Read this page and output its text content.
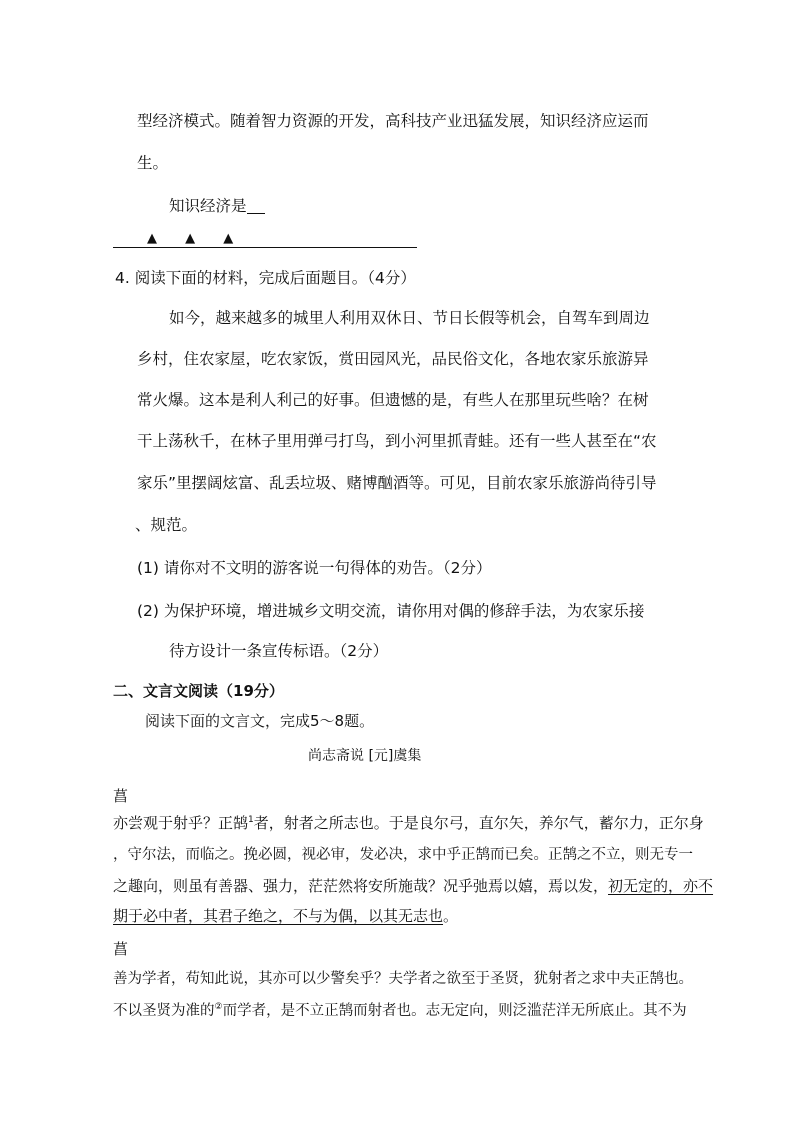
型经济模式。随着智力资源的开发，高科技产业迅猛发展，知识经济应运而
生。
知识经济是
▲ ▲ ▲
4. 阅读下面的材料，完成后面题目。（4分）
如今，越来越多的城里人利用双休日、节日长假等机会，自驾车到周边
乡村，住农家屋，吃农家饭，赏田园风光，品民俗文化，各地农家乐旅游异
常火爆。这本是利人利己的好事。但遗憾的是，有些人在那里玩些啥？在树
干上荡秋千，在林子里用弹弓打鸟，到小河里抓青蛙。还有一些人甚至在“农
家乐”里摆阔炫富、乱丢垃圾、赌博酗酒等。可见，目前农家乐旅游尚待引导
、规范。
(1) 请你对不文明的游客说一句得体的劝告。（2分）
(2) 为保护环境，增进城乡文明交流，请你用对偶的修辞手法，为农家乐接
待方设计一条宣传标语。（2分）
二、文言文阅读（19分）
阅读下面的文言文，完成5～8题。
尚志斋说 [元]虞集
菖
亦尝观于射乎？正鹄$^1$者，射者之所志也。于是良尔弓，直尔矢，养尔气，蓄尔力，正尔身
，守尔法，而临之。挽必圆，视必审，发必决，求中乎正鹄而已矣。正鹄之不立，则无专一
之趣向，则虽有善器、强力，茫茫然将安所施哉？况乎弛焉以嬉，焉以发，初无定的，亦不
期于必中者，其君子绝之，不与为偶，以其无志也。
菖
善为学者，苟知此说，其亦可以少警矣乎？夫学者之欲至于圣贤，犹射者之求中夫正鹄也。
不以圣贤为准的②而学者，是不立正鹄而射者也。志无定向，则泛滥茫洋无所底止。其不为
